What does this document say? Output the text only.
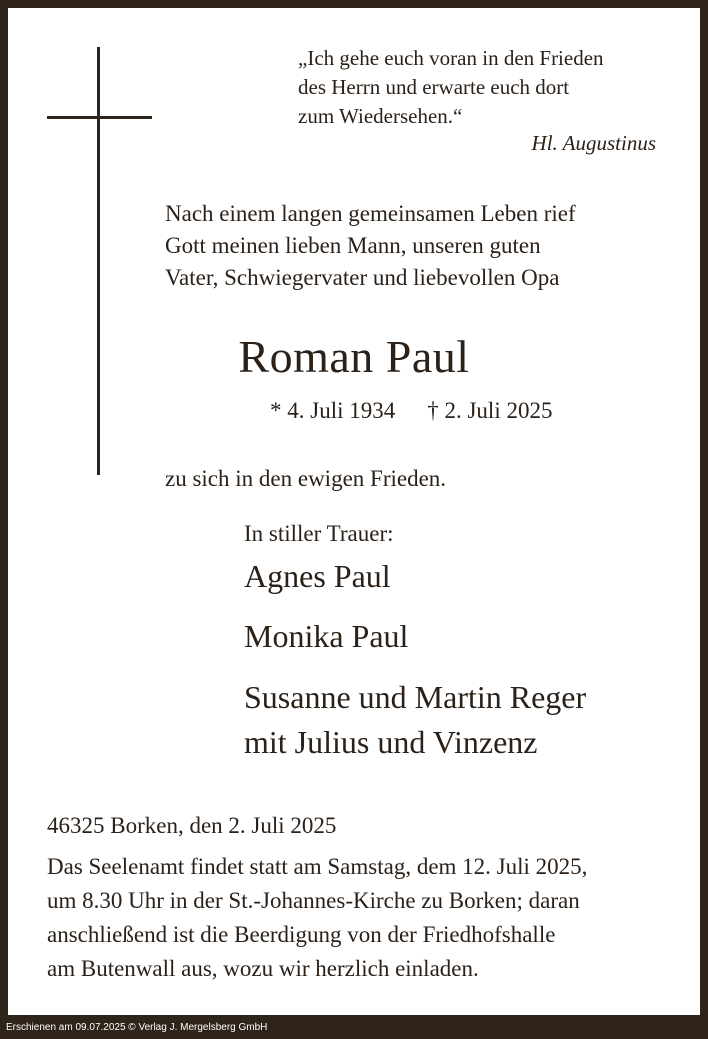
„Ich gehe euch voran in den Frieden
des Herrn und erwarte euch dort
zum Wiedersehen.“
Hl. Augustinus
Nach einem langen gemeinsamen Leben rief
Gott meinen lieben Mann, unseren guten
Vater, Schwiegervater und liebevollen Opa
Roman Paul
* 4. Juli 1934 † 2. Juli 2025
zu sich in den ewigen Frieden.
In stiller Trauer:
Agnes Paul
Monika Paul
Susanne und Martin Reger
mit Julius und Vinzenz
46325 Borken, den 2. Juli 2025
Das Seelenamt findet statt am Samstag, dem 12. Juli 2025,
um 8.30 Uhr in der St.-Johannes-Kirche zu Borken; daran
anschließend ist die Beerdigung von der Friedhofshalle
am Butenwall aus, wozu wir herzlich einladen.
Erschienen am 09.07.2025 © Verlag J. Mergelsberg GmbH
